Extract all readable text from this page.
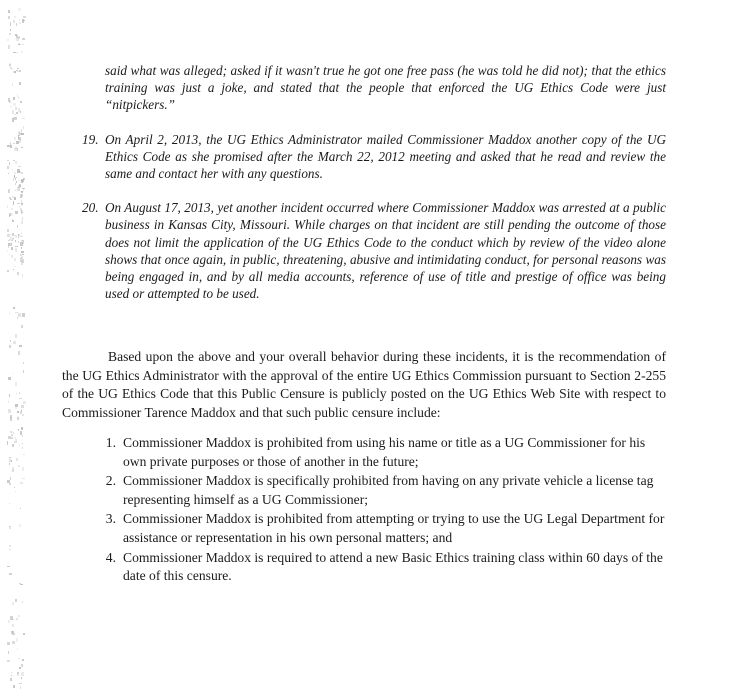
said what was alleged; asked if it wasn't true he got one free pass (he was told he did not); that the ethics training was just a joke, and stated that the people that enforced the UG Ethics Code were just “nitpickers.”

19. On April 2, 2013, the UG Ethics Administrator mailed Commissioner Maddox another copy of the UG Ethics Code as she promised after the March 22, 2012 meeting and asked that he read and review the same and contact her with any questions.
20. On August 17, 2013, yet another incident occurred where Commissioner Maddox was arrested at a public business in Kansas City, Missouri. While charges on that incident are still pending the outcome of those does not limit the application of the UG Ethics Code to the conduct which by review of the video alone shows that once again, in public, threatening, abusive and intimidating conduct, for personal reasons was being engaged in, and by all media accounts, reference of use of title and prestige of office was being used or attempted to be used.

Based upon the above and your overall behavior during these incidents, it is the recommendation of the UG Ethics Administrator with the approval of the entire UG Ethics Commission pursuant to Section 2-255 of the UG Ethics Code that this Public Censure is publicly posted on the UG Ethics Web Site with respect to Commissioner Tarence Maddox and that such public censure include:

1. Commissioner Maddox is prohibited from using his name or title as a UG Commissioner for his own private purposes or those of another in the future;
2. Commissioner Maddox is specifically prohibited from having on any private vehicle a license tag representing himself as a UG Commissioner;
3. Commissioner Maddox is prohibited from attempting or trying to use the UG Legal Department for assistance or representation in his own personal matters; and
4. Commissioner Maddox is required to attend a new Basic Ethics training class within 60 days of the date of this censure.
